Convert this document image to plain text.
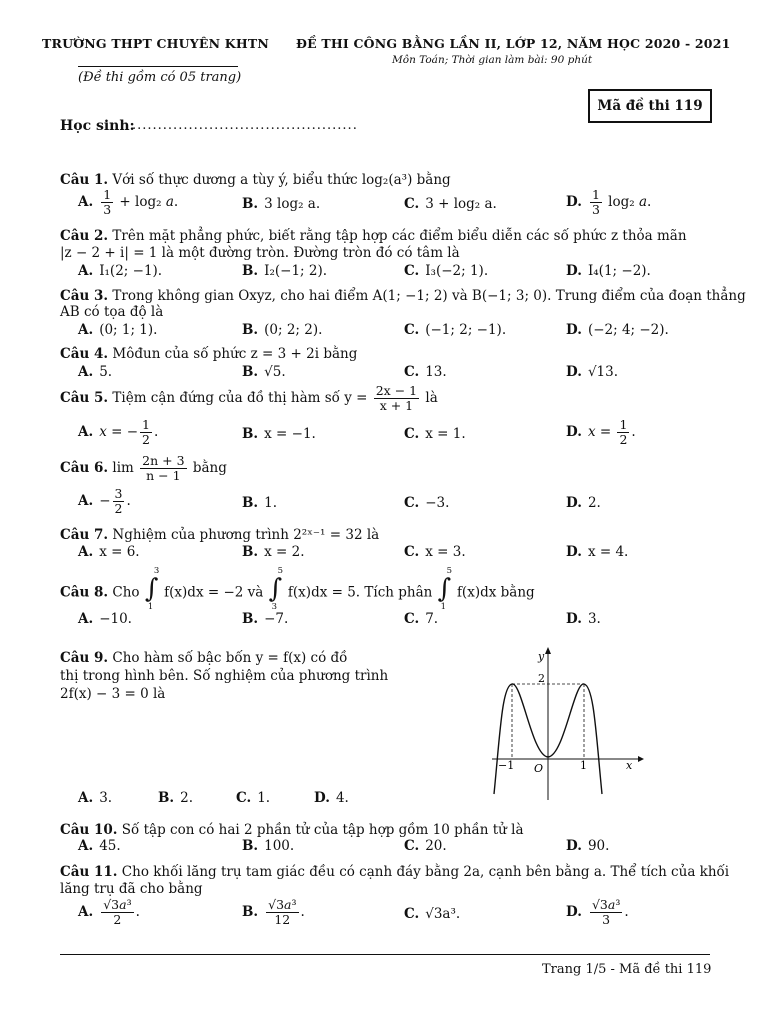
TRƯỜNG THPT CHUYÊN KHTN ĐỀ THI CÔNG BẰNG LẦN II, LỚP 12, NĂM HỌC 2020 - 2021
Môn Toán; Thời gian làm bài: 90 phút
(Đề thi gồm có 05 trang)
Mã đề thi 119
Học sinh:
............................................
Câu 1. Với số thực dương a tùy ý, biểu thức log₂(a³) bằng
A. $\frac{1}{3} + \log_2$ a.	B. 3 log₂ a.	C. 3 + log₂ a.	D. $\frac{1}{3} \log_2$ a.
Câu 2. Trên mặt phẳng phức, biết rằng tập hợp các điểm biểu diễn các số phức z thỏa mãn
|z − 2 + i| = 1 là một đường tròn. Đường tròn đó có tâm là
A. I₁(2; −1).	B. I₂(−1; 2).	C. I₃(−2; 1).	D. I₄(1; −2).
Câu 3. Trong không gian Oxyz, cho hai điểm A(1; −1; 2) và B(−1; 3; 0). Trung điểm của đoạn thẳng
AB có tọa độ là
A. (0; 1; 1).	B. (0; 2; 2).	C. (−1; 2; −1).	D. (−2; 4; −2).
Câu 4. Môđun của số phức z = 3 + 2i bằng
A. 5.	B. √5.	C. 13.	D. √13.
Câu 5. Tiệm cận đứng của đồ thị hàm số $y = \frac{2x - 1}{x + 1}$ là
A. x = − $\frac{1}{2}$ .	B. x = −1.	C. x = 1.	D. $x = \frac{1}{2}$ .
Câu 6. $\lim \frac{2n + 3}{n - 1}$ bằng
A. − $\frac{3}{2}$ .	B. 1.	C. −3.	D. 2.
Câu 7. Nghiệm của phương trình 2²ˣ⁻¹ = 32 là
A. x = 6.	B. x = 2.	C. x = 3.	D. x = 4.
Câu 8. Cho ∫
3
1
f(x)dx = −2 và ∫
5
3
f(x)dx = 5. Tích phân ∫
5
1
f(x)dx bằng
A. −10.	B. −7.	C. 7.	D. 3.
Câu 9. Cho hàm số bậc bốn y = f(x) có đồ
thị trong hình bên. Số nghiệm của phương trình
2f(x) − 3 = 0 là
A. 3.	B. 2.	C. 1.	D. 4.
y
x
2
O
−1	1
Câu 10. Số tập con có hai 2 phần tử của tập hợp gồm 10 phần tử là
A. 45.	B. 100.	C. 20.	D. 90.
Câu 11. Cho khối lăng trụ tam giác đều có cạnh đáy bằng 2a, cạnh bên bằng a. Thể tích của khối
lăng trụ đã cho bằng
A. $\frac{\text{√3a³}}{2}$ .	B. $\frac{\text{√3a³}}{12}$ .	C. √3a³.	D. $\frac{\text{√3a³}}{3}$ .
Trang 1/5 - Mã đề thi 119
